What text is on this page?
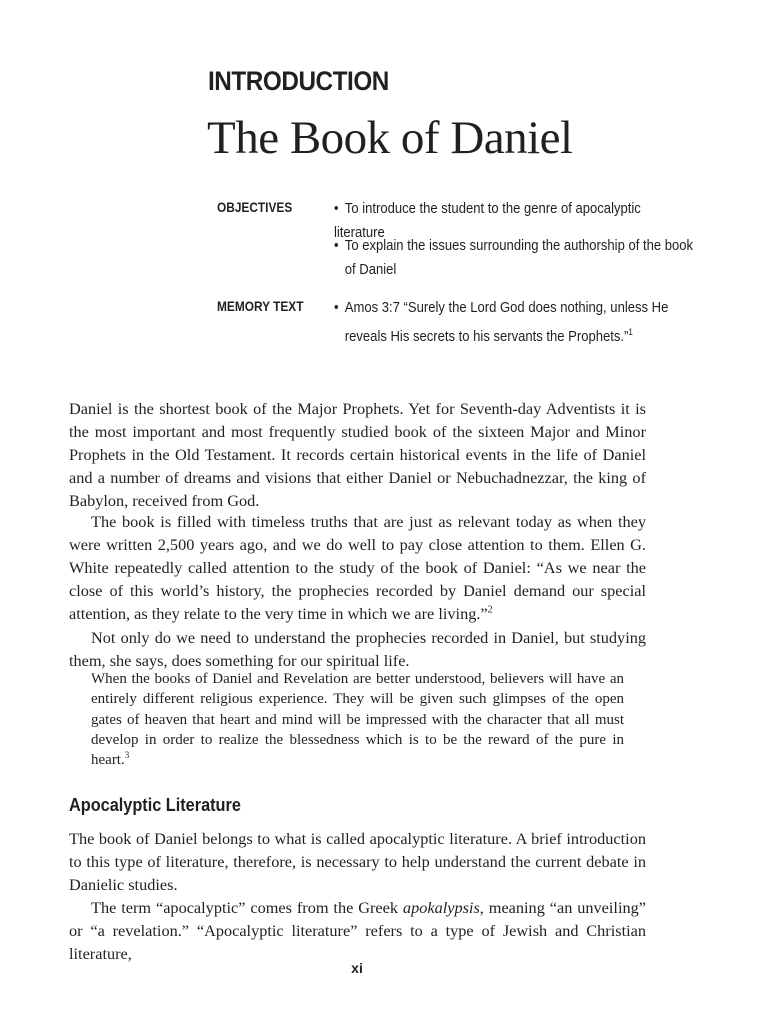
INTRODUCTION
The Book of Daniel

OBJECTIVES	• To introduce the student to the genre of apocalyptic literature

• To explain the issues surrounding the authorship of the book
of Daniel

MEMORY TEXT • Amos 3:7 “Surely the Lord God does nothing, unless He
reveals His secrets to his servants the Prophets.”$^1$

Daniel is the shortest book of the Major Prophets. Yet for Seventh-day Adventists it is the most important and most frequently studied book of the sixteen Major and Minor Prophets in the Old Testament. It records certain historical events in the life of Daniel and a number of dreams and visions that either Daniel or Nebuchadnezzar, the king of Babylon, received from God.

The book is filled with timeless truths that are just as relevant today as when they were written 2,500 years ago, and we do well to pay close attention to them. Ellen G. White repeatedly called attention to the study of the book of Daniel: “As we near the close of this world’s history, the prophecies recorded by Daniel demand our special attention, as they relate to the very time in which we are living.”$^2$

Not only do we need to understand the prophecies recorded in Daniel, but studying them, she says, does something for our spiritual life.

When the books of Daniel and Revelation are better understood, believers will have an entirely different religious experience. They will be given such glimpses of the open gates of heaven that heart and mind will be impressed with the character that all must develop in order to realize the blessedness which is to be the reward of the pure in heart.$^3$

Apocalyptic Literature

The book of Daniel belongs to what is called apocalyptic literature. A brief introduction to this type of literature, therefore, is necessary to help understand the current debate in Danielic studies.

The term “apocalyptic” comes from the Greek apokalypsis, meaning “an unveiling” or “a revelation.” “Apocalyptic literature” refers to a type of Jewish and Christian literature,

xi
